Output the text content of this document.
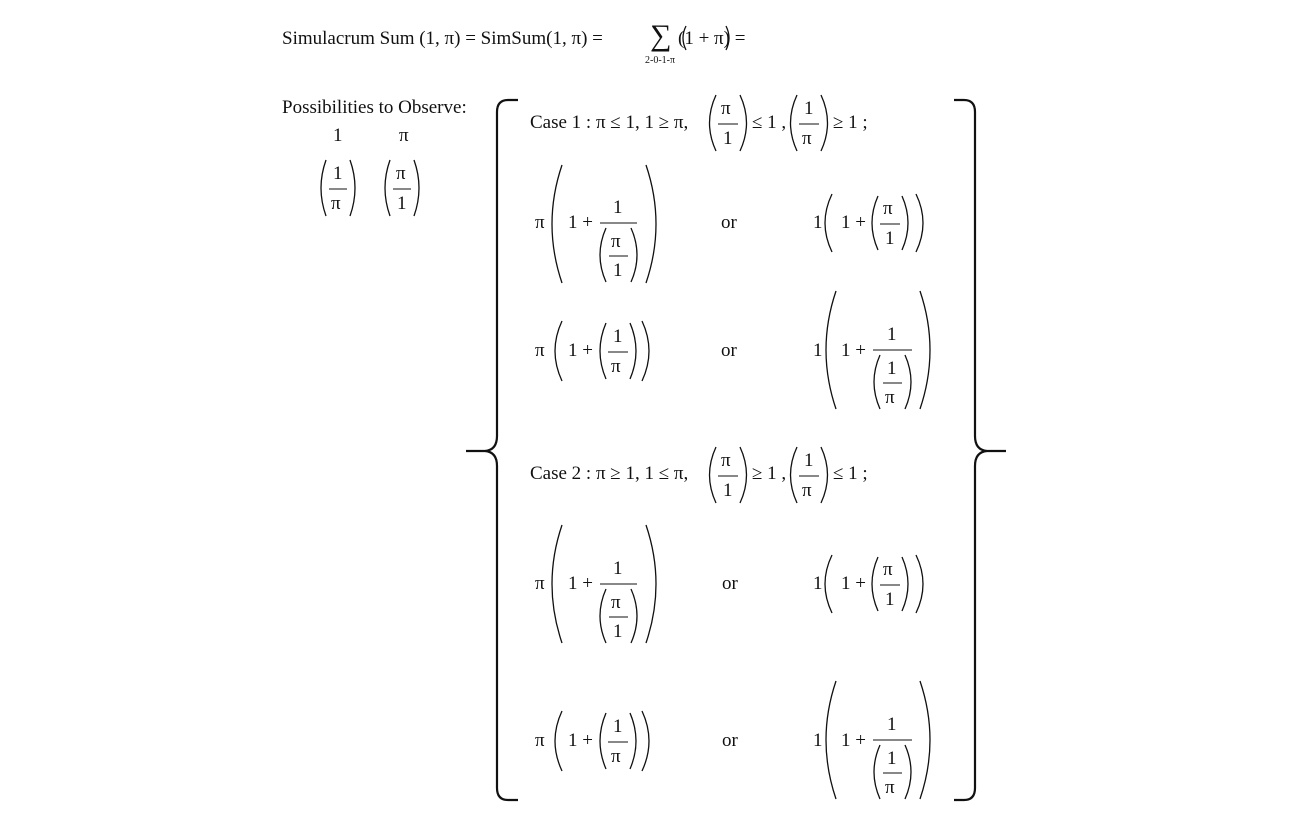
Simulacrum Sum (1, π) = SimSum(1, π) = ∑
2-0-1-π
(1 + π) =
Possibilities to Observe:
1	π
1
π
π
1
Case 1 : π ≤ 1, 1 ≥ π,
π
1
≤ 1 ,
1
π
≥ 1 ;
π 1 +
1
π
1
or	1 1 +
π
1
π 1 +
1
π
or	1 1 +
1
1
π
Case 2 : π ≥ 1, 1 ≤ π,
π
1
≥ 1 ,
1
π
≤ 1 ;
π 1 +
1
π
1
or	1 1 +
π
1
π 1 +
1
π
or	1 1 +
1
1
π
